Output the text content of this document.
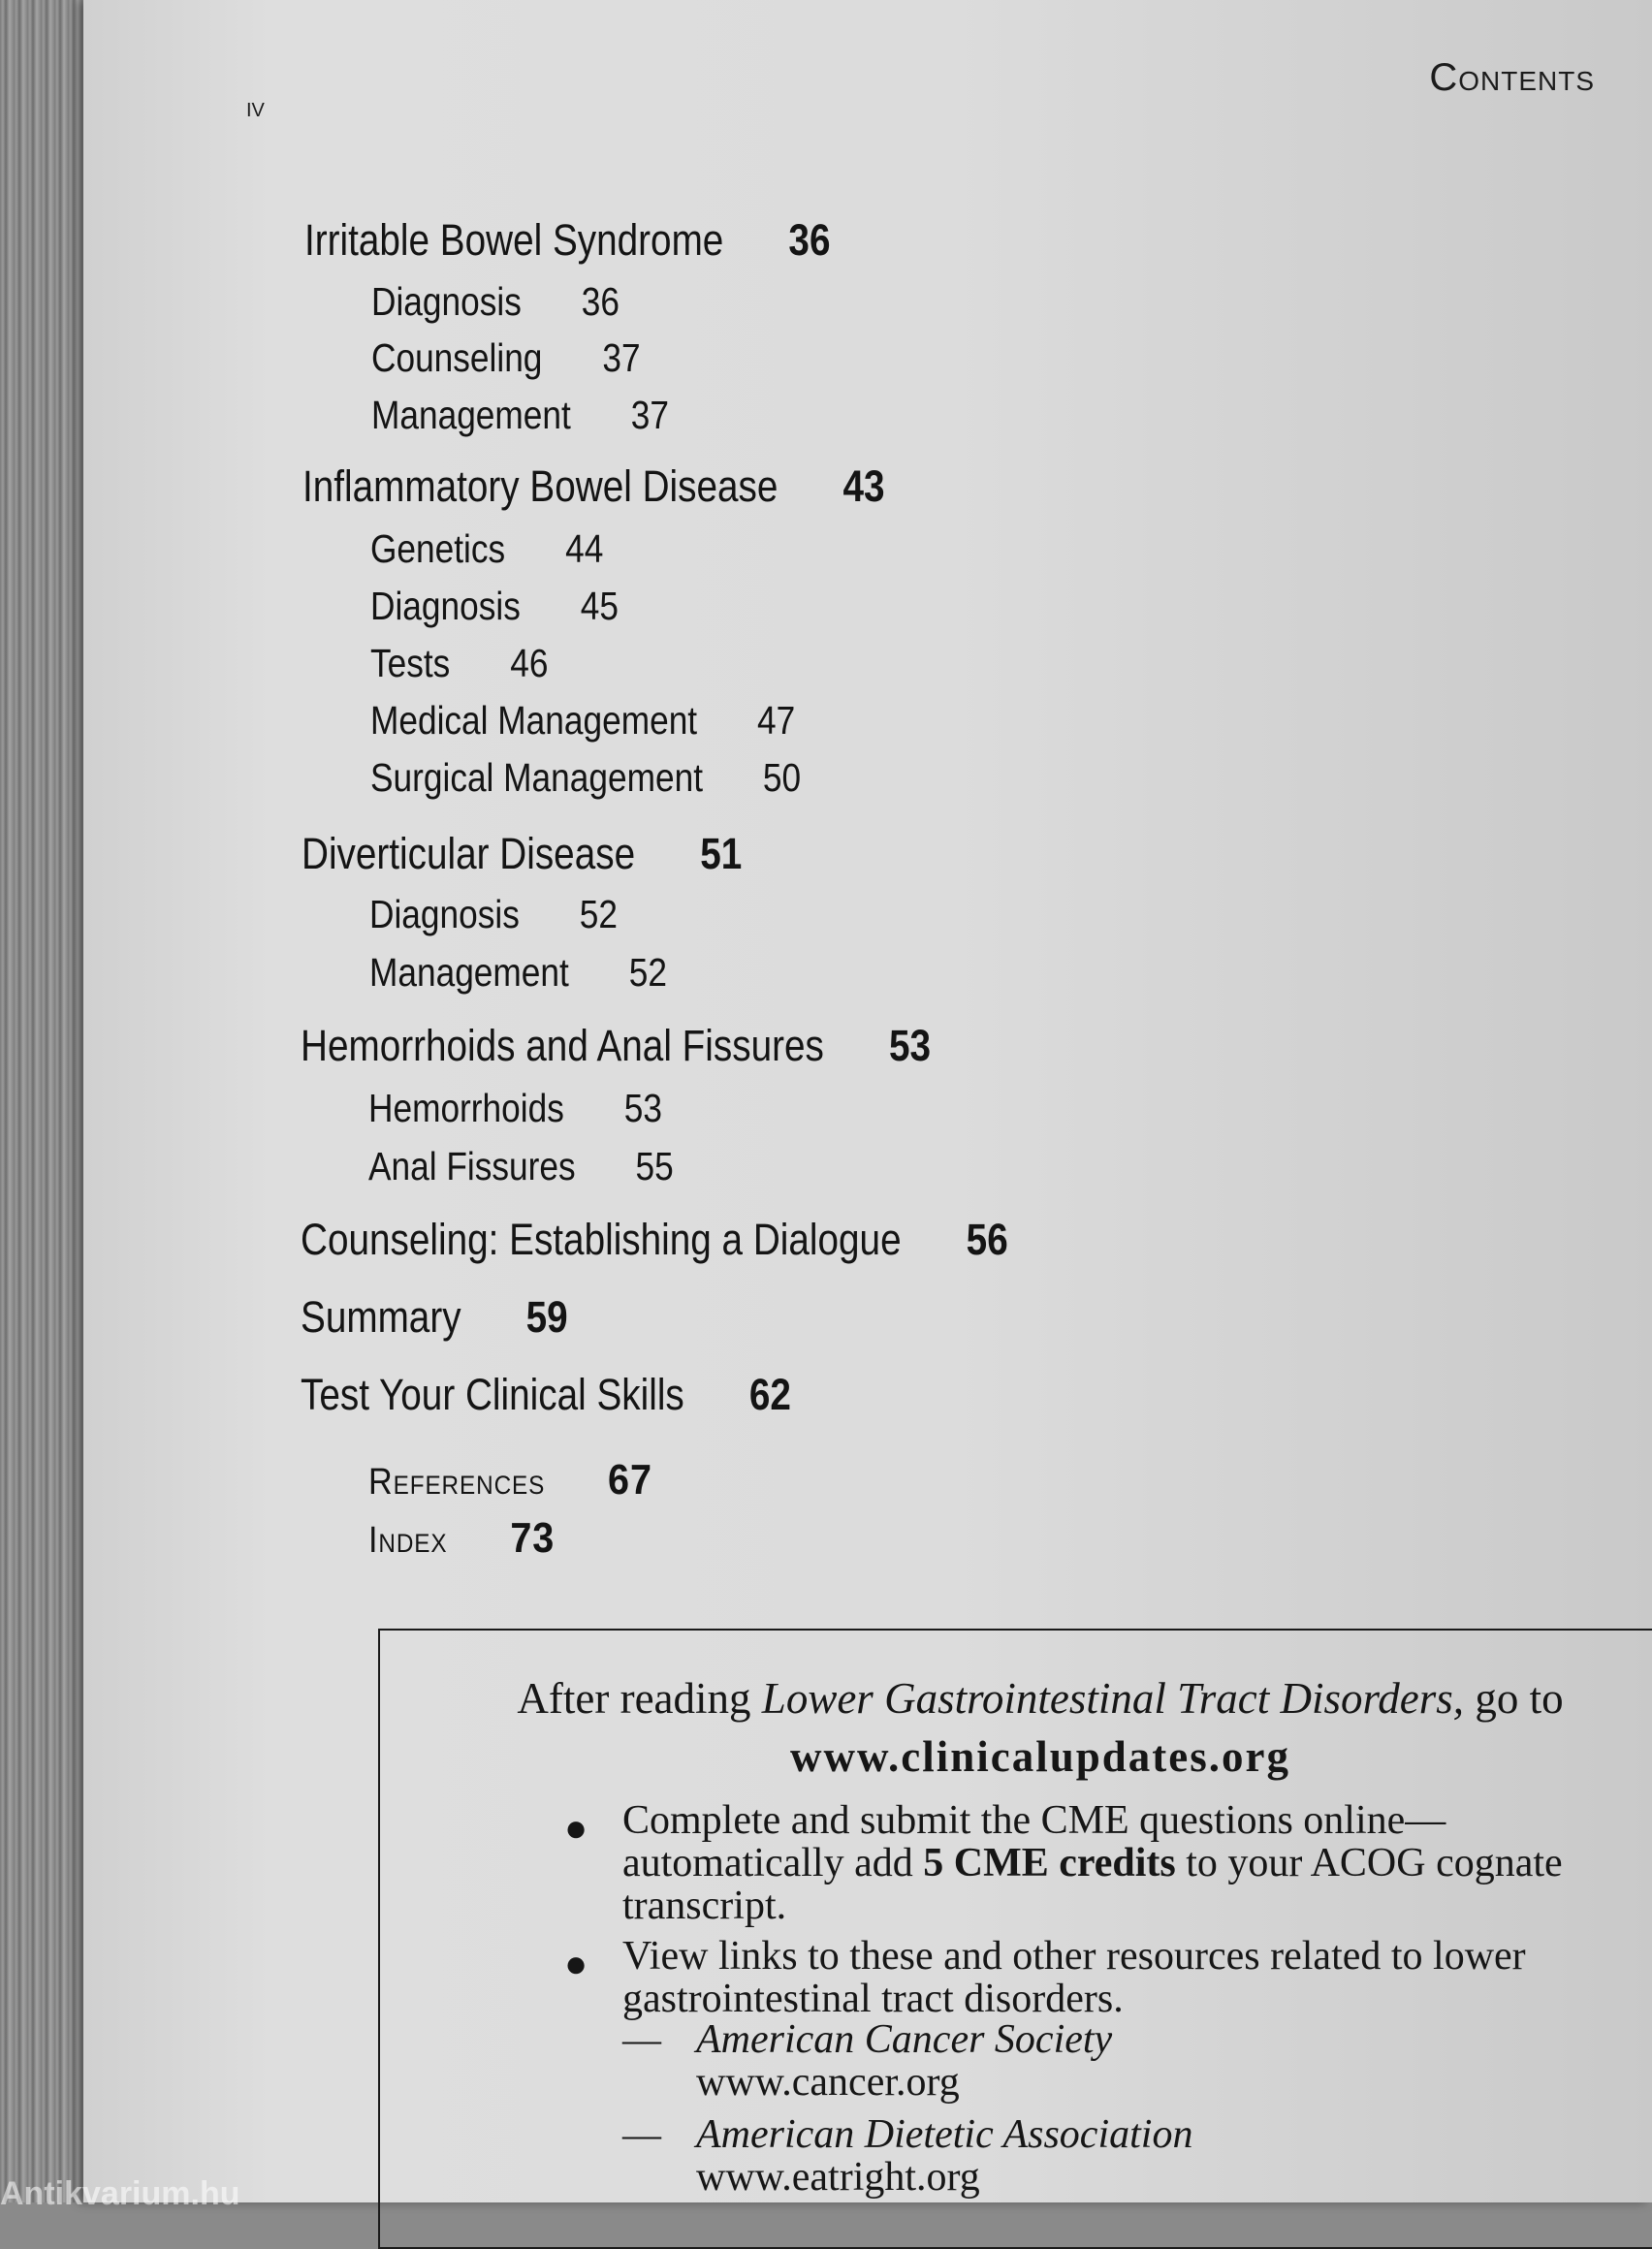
Contents
iv
Irritable Bowel Syndrome 36
Diagnosis 36
Counseling 37
Management 37
Inflammatory Bowel Disease 43
Genetics 44
Diagnosis 45
Tests 46
Medical Management 47
Surgical Management 50
Diverticular Disease 51
Diagnosis 52
Management 52
Hemorrhoids and Anal Fissures 53
Hemorrhoids 53
Anal Fissures 55
Counseling: Establishing a Dialogue 56
Summary 59
Test Your Clinical Skills 62
References 67
Index 73
After reading Lower Gastrointestinal Tract Disorders, go to
www.clinicalupdates.org
● Complete and submit the CME questions online—automatically add 5 CME credits to your ACOG cognate transcript.
● View links to these and other resources related to lower gastrointestinal tract disorders.
— American Cancer Society
www.cancer.org
— American Dietetic Association
www.eatright.org
Antikvarium.hu
